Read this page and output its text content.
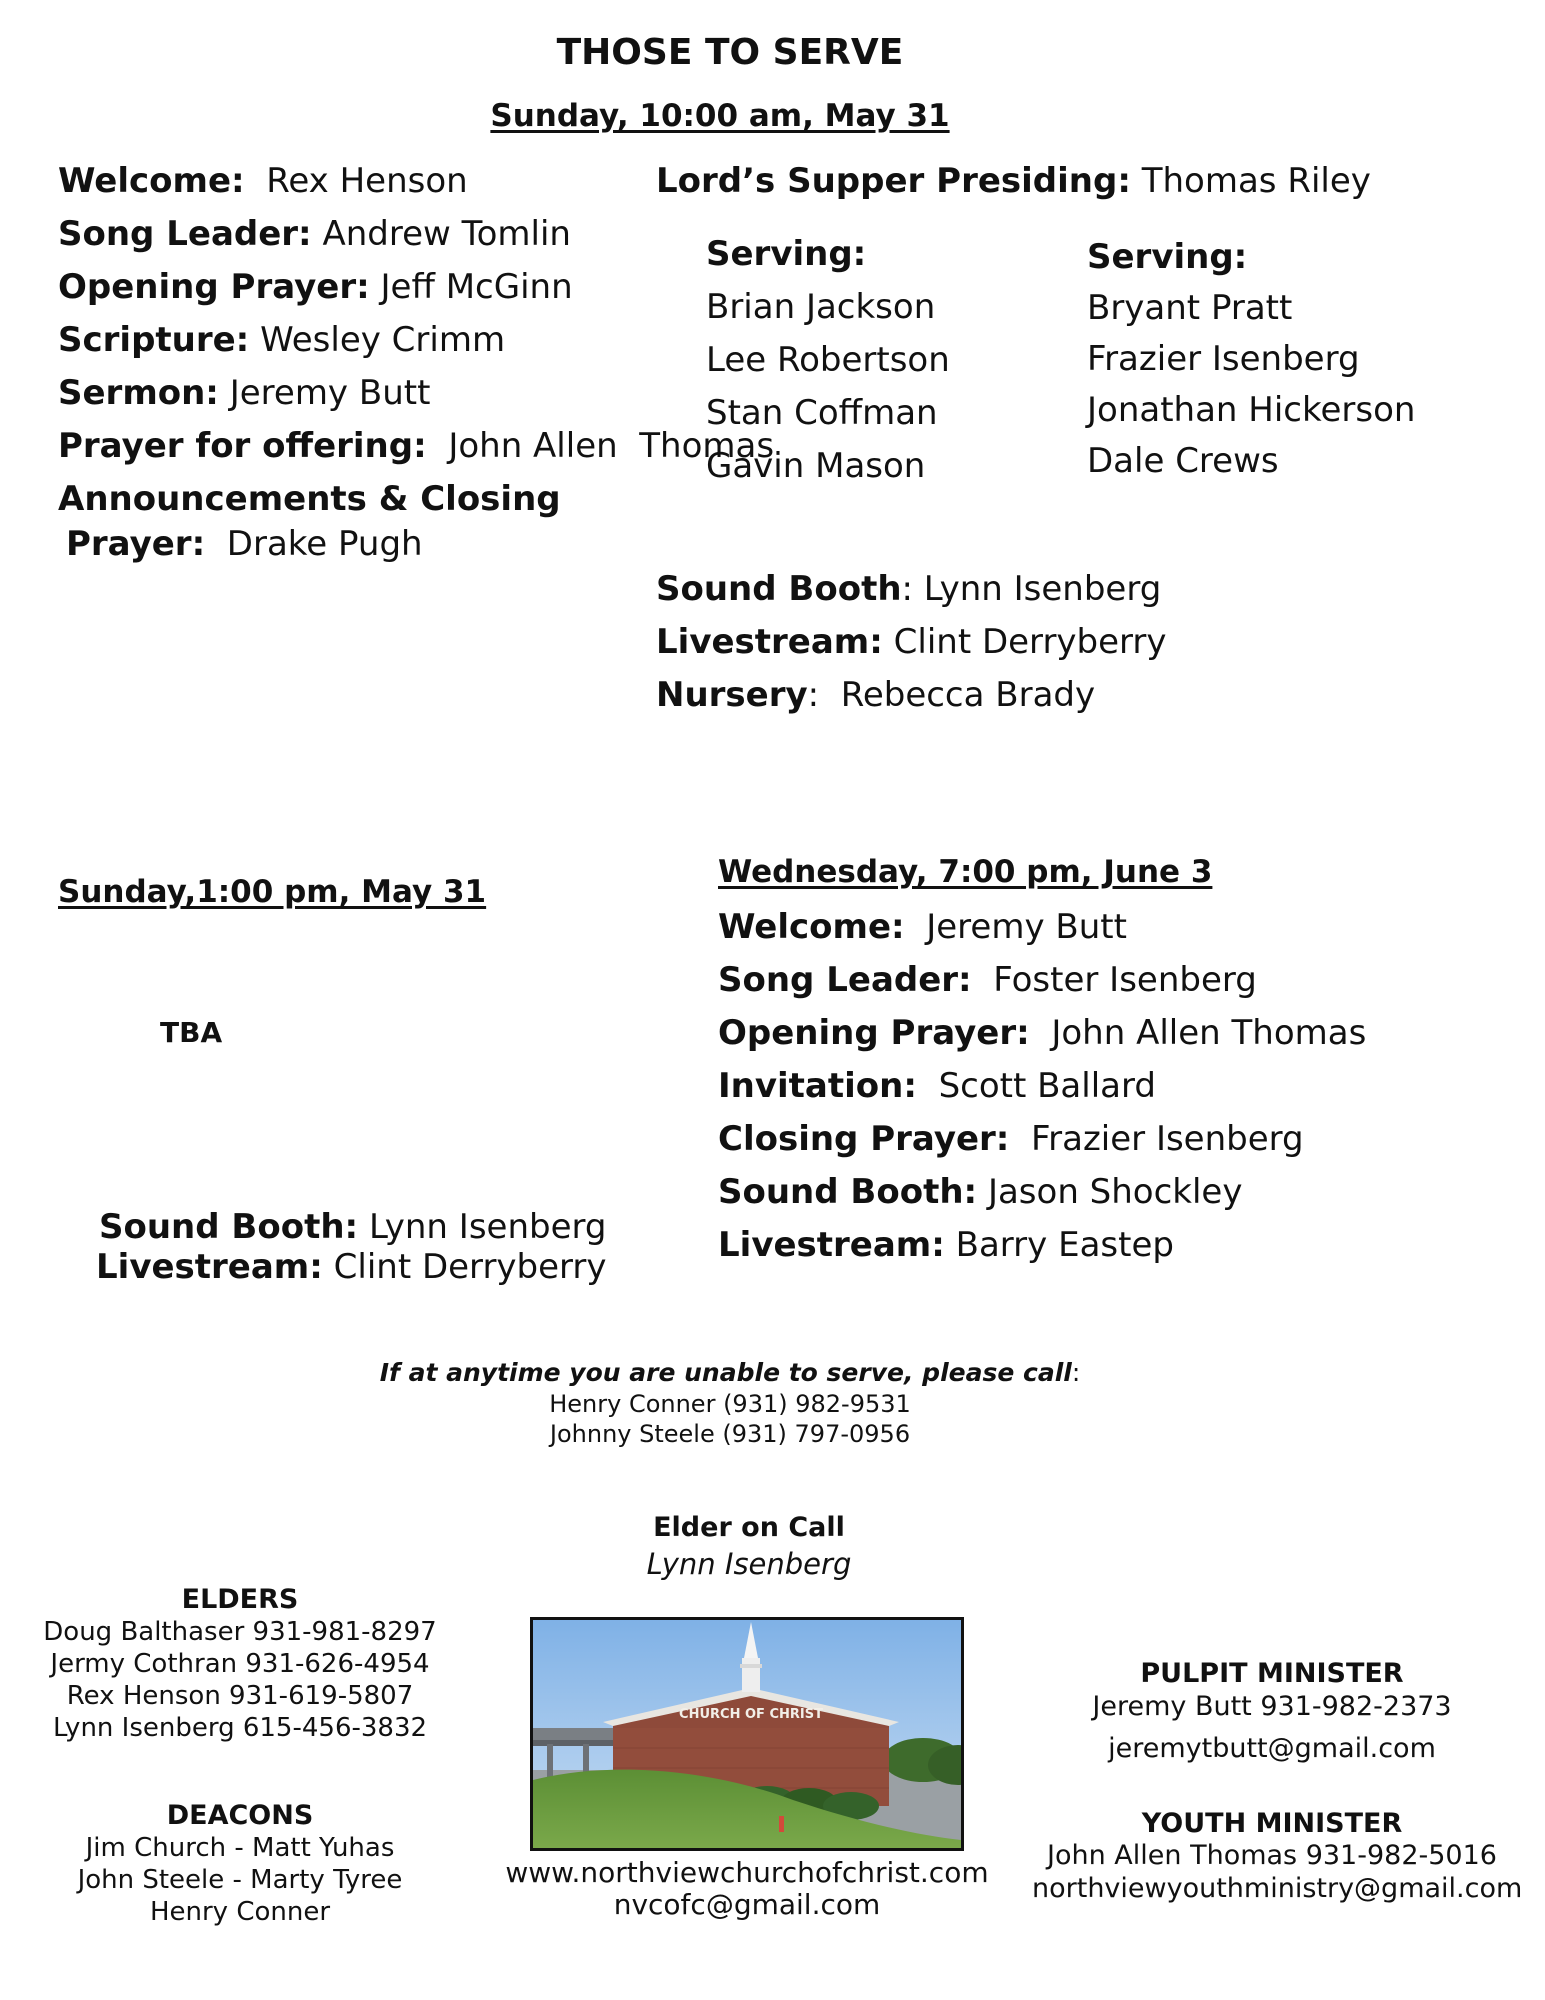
THOSE TO SERVE
Sunday, 10:00 am, May 31
Welcome: Rex Henson
Song Leader: Andrew Tomlin
Opening Prayer: Jeff McGinn
Scripture: Wesley Crimm
Sermon: Jeremy Butt
Prayer for offering: John Allen  Thomas
Announcements & Closing
Prayer: Drake Pugh
Lord’s Supper Presiding: Thomas Riley
Serving:
Brian Jackson
Lee Robertson
Stan Coffman
Gavin Mason
Serving:
Bryant Pratt
Frazier Isenberg
Jonathan Hickerson
Dale Crews
Sound Booth: Lynn Isenberg
Livestream: Clint Derryberry
Nursery:  Rebecca Brady
Sunday,1:00 pm, May 31
TBA
Sound Booth: Lynn Isenberg
Livestream: Clint Derryberry
Wednesday, 7:00 pm, June 3
Welcome: Jeremy Butt
Song Leader: Foster Isenberg
Opening Prayer: John Allen Thomas
Invitation: Scott Ballard
Closing Prayer: Frazier Isenberg
Sound Booth: Jason Shockley
Livestream: Barry Eastep
If at anytime you are unable to serve, please call:
Henry Conner (931) 982-9531
Johnny Steele (931) 797-0956
Elder on Call
Lynn Isenberg
ELDERS
Doug Balthaser 931-981-8297
Jermy Cothran 931-626-4954
Rex Henson 931-619-5807
Lynn Isenberg 615-456-3832
DEACONS
Jim Church - Matt Yuhas
John Steele - Marty Tyree
Henry Conner
CHURCH OF CHRIST
www.northviewchurchofchrist.com
nvcofc@gmail.com
PULPIT MINISTER
Jeremy Butt 931-982-2373
jeremytbutt@gmail.com
YOUTH MINISTER
John Allen Thomas 931-982-5016
northviewyouthministry@gmail.com
